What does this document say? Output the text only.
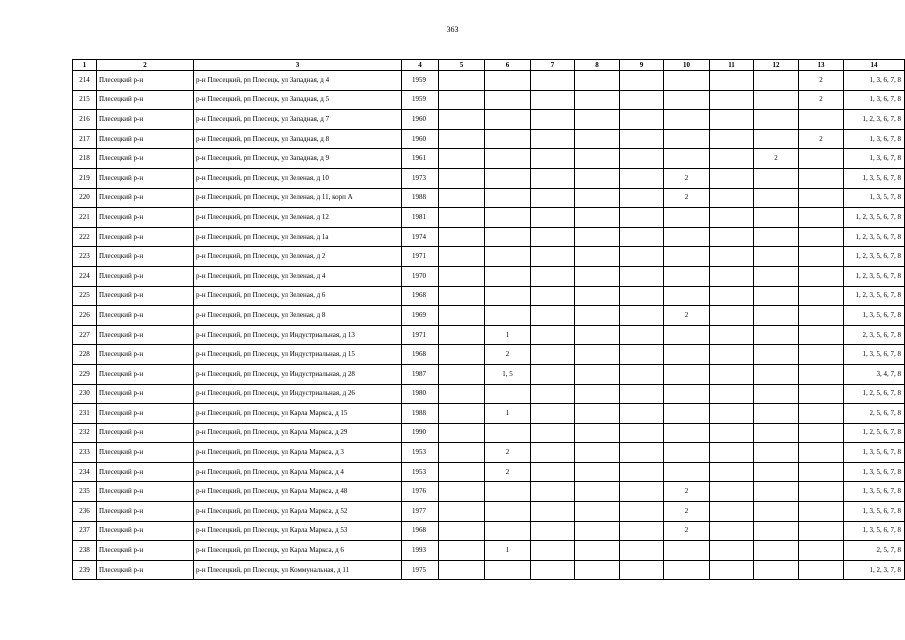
363
1	2	3	4	5	6	7	8	9	10	11	12	13	14
214	Плесецкий р-н	р-н Плесецкий, рп Плесецк, ул Западная, д 4	1959									2	1, 3, 6, 7, 8
215	Плесецкий р-н	р-н Плесецкий, рп Плесецк, ул Западная, д 5	1959									2	1, 3, 6, 7, 8
216	Плесецкий р-н	р-н Плесецкий, рп Плесецк, ул Западная, д 7	1960										1, 2, 3, 6, 7, 8
217	Плесецкий р-н	р-н Плесецкий, рп Плесецк, ул Западная, д 8	1960									2	1, 3, 6, 7, 8
218	Плесецкий р-н	р-н Плесецкий, рп Плесецк, ул Западная, д 9	1961								2		1, 3, 6, 7, 8
219	Плесецкий р-н	р-н Плесецкий, рп Плесецк, ул Зеленая, д 10	1973						2				1, 3, 5, 6, 7, 8
220	Плесецкий р-н	р-н Плесецкий, рп Плесецк, ул Зеленая, д 11, корп А	1988						2				1, 3, 5, 7, 8
221	Плесецкий р-н	р-н Плесецкий, рп Плесецк, ул Зеленая, д 12	1981										1, 2, 3, 5, 6, 7, 8
222	Плесецкий р-н	р-н Плесецкий, рп Плесецк, ул Зеленая, д 1а	1974										1, 2, 3, 5, 6, 7, 8
223	Плесецкий р-н	р-н Плесецкий, рп Плесецк, ул Зеленая, д 2	1971										1, 2, 3, 5, 6, 7, 8
224	Плесецкий р-н	р-н Плесецкий, рп Плесецк, ул Зеленая, д 4	1970										1, 2, 3, 5, 6, 7, 8
225	Плесецкий р-н	р-н Плесецкий, рп Плесецк, ул Зеленая, д 6	1968										1, 2, 3, 5, 6, 7, 8
226	Плесецкий р-н	р-н Плесецкий, рп Плесецк, ул Зеленая, д 8	1969						2				1, 3, 5, 6, 7, 8
227	Плесецкий р-н	р-н Плесецкий, рп Плесецк, ул Индустриальная, д 13	1971		1								2, 3, 5, 6, 7, 8
228	Плесецкий р-н	р-н Плесецкий, рп Плесецк, ул Индустриальная, д 15	1968		2								1, 3, 5, 6, 7, 8
229	Плесецкий р-н	р-н Плесецкий, рп Плесецк, ул Индустриальная, д 28	1987		1, 5								3, 4, 7, 8
230	Плесецкий р-н	р-н Плесецкий, рп Плесецк, ул Индустриальная, д 26	1980										1, 2, 5, 6, 7, 8
231	Плесецкий р-н	р-н Плесецкий, рп Плесецк, ул Карла Маркса, д 15	1988		1								2, 5, 6, 7, 8
232	Плесецкий р-н	р-н Плесецкий, рп Плесецк, ул Карла Маркса, д 29	1990										1, 2, 5, 6, 7, 8
233	Плесецкий р-н	р-н Плесецкий, рп Плесецк, ул Карла Маркса, д 3	1953		2								1, 3, 5, 6, 7, 8
234	Плесецкий р-н	р-н Плесецкий, рп Плесецк, ул Карла Маркса, д 4	1953		2								1, 3, 5, 6, 7, 8
235	Плесецкий р-н	р-н Плесецкий, рп Плесецк, ул Карла Маркса, д 48	1976						2				1, 3, 5, 6, 7, 8
236	Плесецкий р-н	р-н Плесецкий, рп Плесецк, ул Карла Маркса, д 52	1977						2				1, 3, 5, 6, 7, 8
237	Плесецкий р-н	р-н Плесецкий, рп Плесецк, ул Карла Маркса, д 53	1968						2				1, 3, 5, 6, 7, 8
238	Плесецкий р-н	р-н Плесецкий, рп Плесецк, ул Карла Маркса, д 6	1993		1								2, 5, 7, 8
239	Плесецкий р-н	р-н Плесецкий, рп Плесецк, ул Коммунальная, д 11	1975										1, 2, 3, 7, 8
